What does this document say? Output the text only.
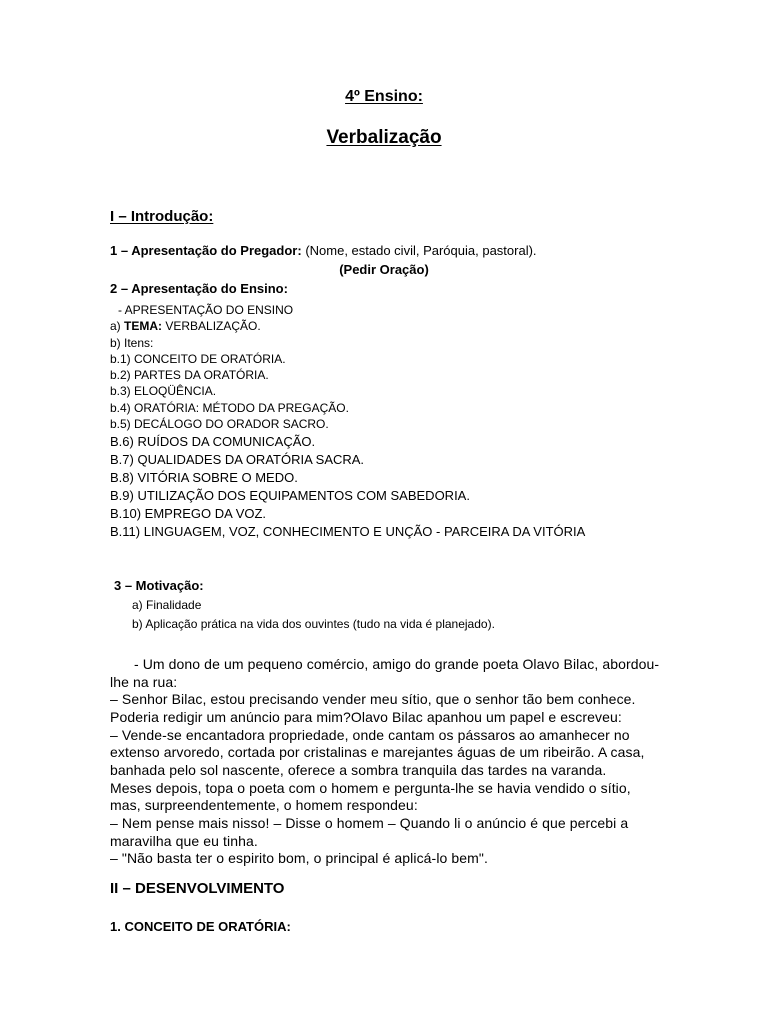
4º Ensino:

Verbalização

I – Introdução:

1 – Apresentação do Pregador: (Nome, estado civil, Paróquia, pastoral).

(Pedir Oração)

2 – Apresentação do Ensino:

- APRESENTAÇÃO DO ENSINO

a) TEMA: VERBALIZAÇÃO.

b) Itens:

b.1) CONCEITO DE ORATÓRIA.

b.2) PARTES DA ORATÓRIA.

b.3) ELOQÜÊNCIA.

b.4) ORATÓRIA: MÉTODO DA PREGAÇÃO.

b.5) DECÁLOGO DO ORADOR SACRO.

B.6) RUÍDOS DA COMUNICAÇÃO.

B.7) QUALIDADES DA ORATÓRIA SACRA.

B.8) VITÓRIA SOBRE O MEDO.

B.9) UTILIZAÇÃO DOS EQUIPAMENTOS COM SABEDORIA.

B.10) EMPREGO DA VOZ.

B.11) LINGUAGEM, VOZ, CONHECIMENTO E UNÇÃO - PARCEIRA DA VITÓRIA

3 – Motivação:

a) Finalidade

b) Aplicação prática na vida dos ouvintes (tudo na vida é planejado).

- Um dono de um pequeno comércio, amigo do grande poeta Olavo Bilac, abordou-

lhe na rua:

– Senhor Bilac, estou precisando vender meu sítio, que o senhor tão bem conhece.

Poderia redigir um anúncio para mim?Olavo Bilac apanhou um papel e escreveu:

– Vende-se encantadora propriedade, onde cantam os pássaros ao amanhecer no

extenso arvoredo, cortada por cristalinas e marejantes águas de um ribeirão. A casa,

banhada pelo sol nascente, oferece a sombra tranquila das tardes na varanda.

Meses depois, topa o poeta com o homem e pergunta-lhe se havia vendido o sítio,

mas, surpreendentemente, o homem respondeu:

– Nem pense mais nisso! – Disse o homem – Quando li o anúncio é que percebi a

maravilha que eu tinha.

– "Não basta ter o espirito bom, o principal é aplicá-lo bem".

II – DESENVOLVIMENTO

1. CONCEITO DE ORATÓRIA:
